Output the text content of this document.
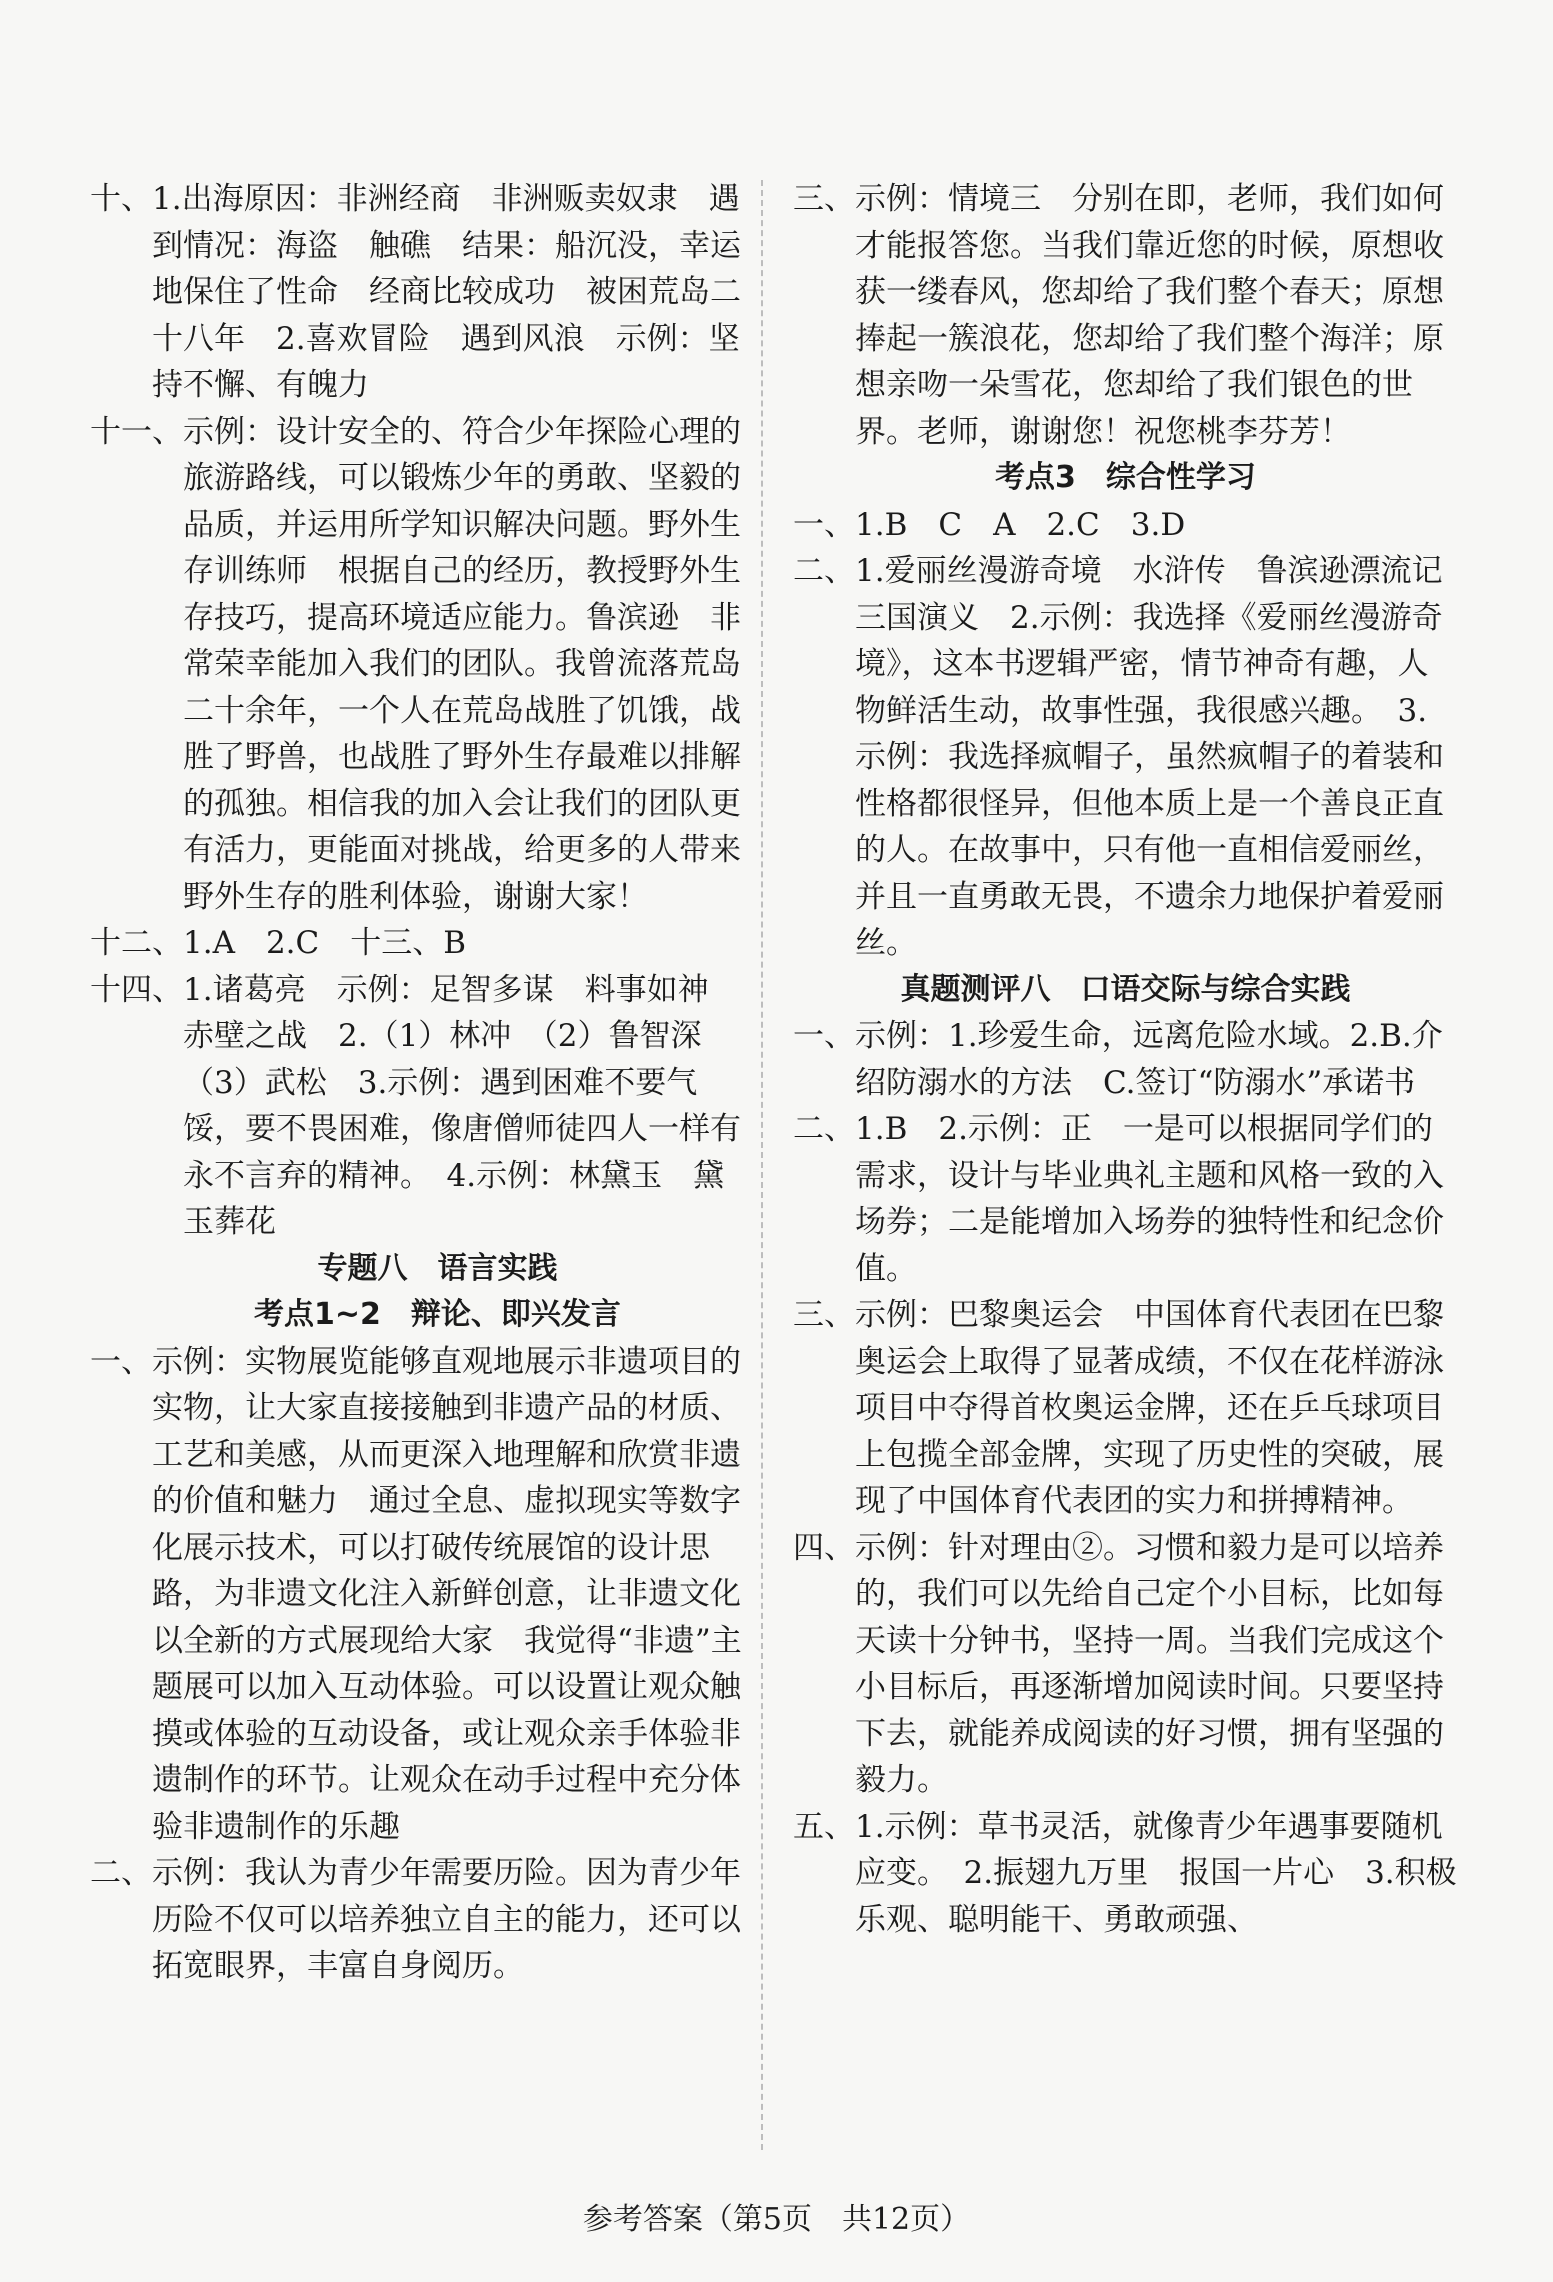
十、 1.出海原因：非洲经商　非洲贩卖奴隶　遇到情况：海盗　触礁　结果：船沉没，幸运地保住了性命　经商比较成功　被困荒岛二十八年　2.喜欢冒险　遇到风浪　示例：坚持不懈、有魄力
十一、 示例：设计安全的、符合少年探险心理的旅游路线，可以锻炼少年的勇敢、坚毅的品质，并运用所学知识解决问题。野外生存训练师　根据自己的经历，教授野外生存技巧，提高环境适应能力。鲁滨逊　非常荣幸能加入我们的团队。我曾流落荒岛二十余年，一个人在荒岛战胜了饥饿，战胜了野兽，也战胜了野外生存最难以排解的孤独。相信我的加入会让我们的团队更有活力，更能面对挑战，给更多的人带来野外生存的胜利体验，谢谢大家！
十二、 1.A　2.C　十三、B
十四、 1.诸葛亮　示例：足智多谋　料事如神　赤壁之战　2.（1）林冲　（2）鲁智深　（3）武松　3.示例：遇到困难不要气馁，要不畏困难，像唐僧师徒四人一样有永不言弃的精神。　4.示例：林黛玉　黛玉葬花
专题八　语言实践
考点1~2　辩论、即兴发言
一、 示例：实物展览能够直观地展示非遗项目的实物，让大家直接接触到非遗产品的材质、工艺和美感，从而更深入地理解和欣赏非遗的价值和魅力　通过全息、虚拟现实等数字化展示技术，可以打破传统展馆的设计思路，为非遗文化注入新鲜创意，让非遗文化以全新的方式展现给大家　我觉得“非遗”主题展可以加入互动体验。可以设置让观众触摸或体验的互动设备，或让观众亲手体验非遗制作的环节。让观众在动手过程中充分体验非遗制作的乐趣
二、 示例：我认为青少年需要历险。因为青少年历险不仅可以培养独立自主的能力，还可以拓宽眼界，丰富自身阅历。
三、 示例：情境三　分别在即，老师，我们如何才能报答您。当我们靠近您的时候，原想收获一缕春风，您却给了我们整个春天；原想捧起一簇浪花，您却给了我们整个海洋；原想亲吻一朵雪花，您却给了我们银色的世界。老师，谢谢您！祝您桃李芬芳！
考点3　综合性学习
一、 1.B　C　A　2.C　3.D
二、 1.爱丽丝漫游奇境　水浒传　鲁滨逊漂流记　三国演义　2.示例：我选择《爱丽丝漫游奇境》，这本书逻辑严密，情节神奇有趣，人物鲜活生动，故事性强，我很感兴趣。　3.示例：我选择疯帽子，虽然疯帽子的着装和性格都很怪异，但他本质上是一个善良正直的人。在故事中，只有他一直相信爱丽丝，并且一直勇敢无畏，不遗余力地保护着爱丽丝。
真题测评八　口语交际与综合实践
一、 示例：1.珍爱生命，远离危险水域。2.B.介绍防溺水的方法　C.签订“防溺水”承诺书
二、 1.B　2.示例：正　一是可以根据同学们的需求，设计与毕业典礼主题和风格一致的入场券；二是能增加入场券的独特性和纪念价值。
三、 示例：巴黎奥运会　中国体育代表团在巴黎奥运会上取得了显著成绩，不仅在花样游泳项目中夺得首枚奥运金牌，还在乒乓球项目上包揽全部金牌，实现了历史性的突破，展现了中国体育代表团的实力和拼搏精神。
四、 示例：针对理由②。习惯和毅力是可以培养的，我们可以先给自己定个小目标，比如每天读十分钟书，坚持一周。当我们完成这个小目标后，再逐渐增加阅读时间。只要坚持下去，就能养成阅读的好习惯，拥有坚强的毅力。
五、 1.示例：草书灵活，就像青少年遇事要随机应变。　2.振翅九万里　报国一片心　3.积极乐观、聪明能干、勇敢顽强、
参考答案（第5页　共12页）
